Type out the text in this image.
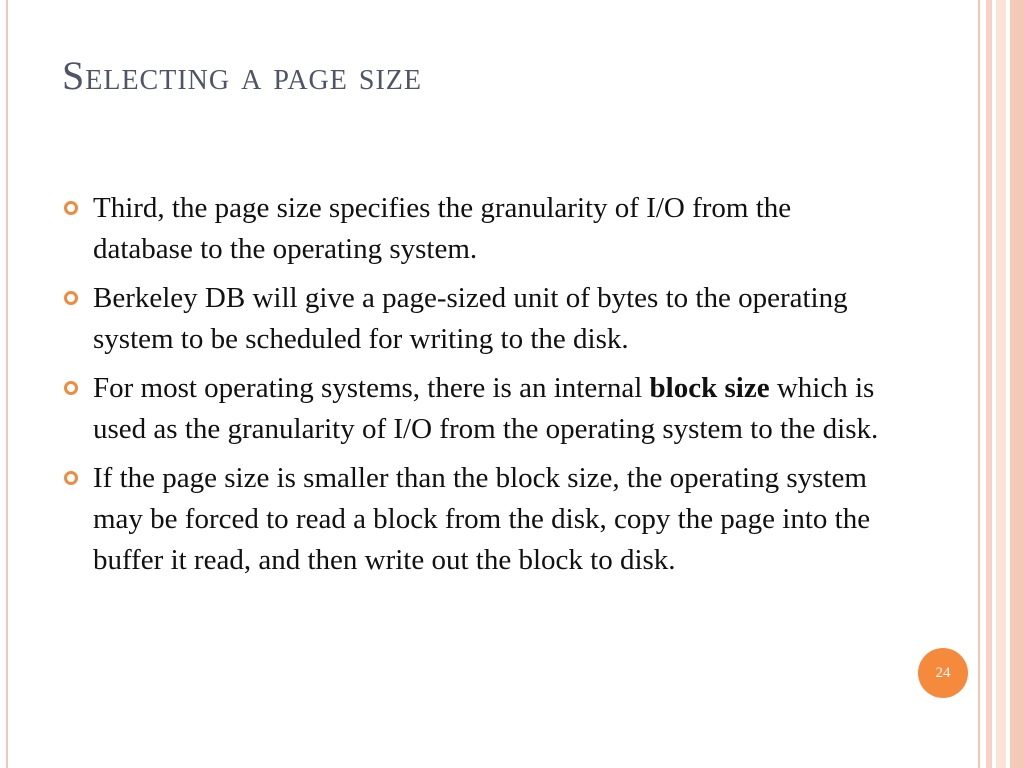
Selecting a page size
Third, the page size specifies the granularity of I/O from the database to the operating system.
Berkeley DB will give a page-sized unit of bytes to the operating system to be scheduled for writing to the disk.
For most operating systems, there is an internal block size which is used as the granularity of I/O from the operating system to the disk.
If the page size is smaller than the block size, the operating system may be forced to read a block from the disk, copy the page into the buffer it read, and then write out the block to disk.
24
